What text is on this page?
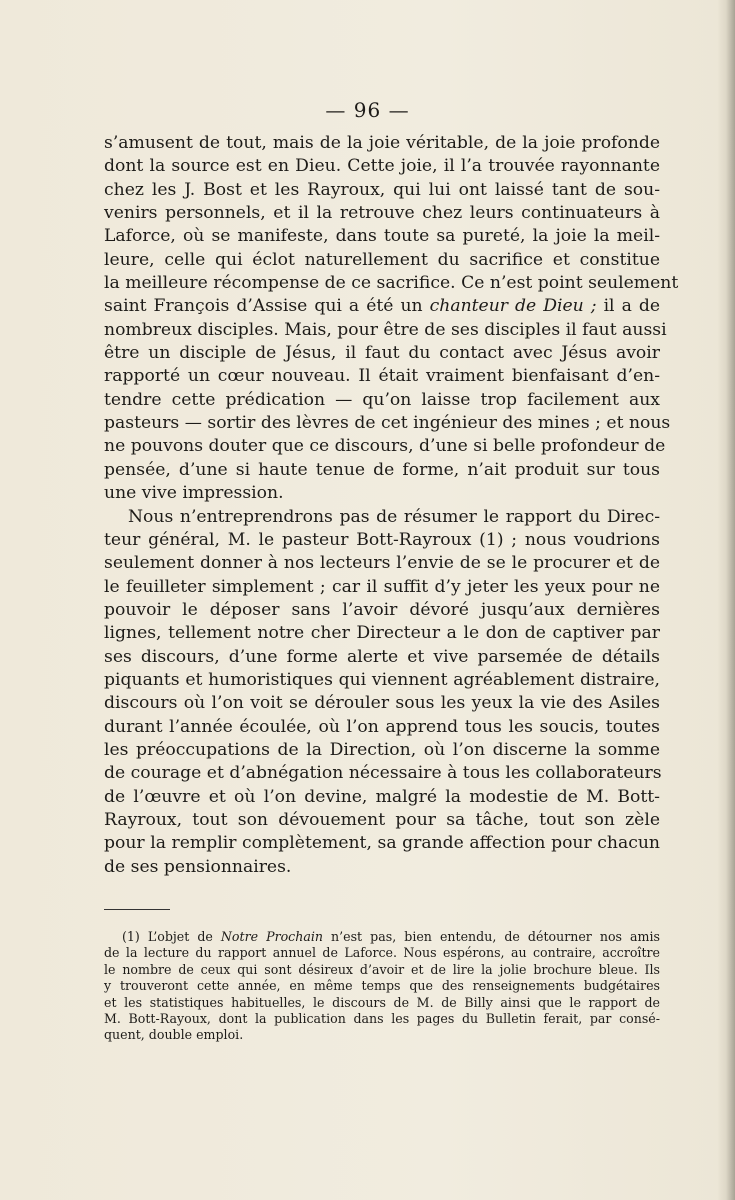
— 96 —
s’amusent de tout, mais de la joie véritable, de la joie profonde
dont la source est en Dieu. Cette joie, il l’a trouvée rayonnante
chez les J. Bost et les Rayroux, qui lui ont laissé tant de sou-
venirs personnels, et il la retrouve chez leurs continuateurs à
Laforce, où se manifeste, dans toute sa pureté, la joie la meil-
leure, celle qui éclot naturellement du sacrifice et constitue
la meilleure récompense de ce sacrifice. Ce n’est point seulement
saint François d’Assise qui a été un chanteur de Dieu ; il a de
nombreux disciples. Mais, pour être de ses disciples il faut aussi
être un disciple de Jésus, il faut du contact avec Jésus avoir
rapporté un cœur nouveau. Il était vraiment bienfaisant d’en-
tendre cette prédication — qu’on laisse trop facilement aux
pasteurs — sortir des lèvres de cet ingénieur des mines ; et nous
ne pouvons douter que ce discours, d’une si belle profondeur de
pensée, d’une si haute tenue de forme, n’ait produit sur tous
une vive impression.
Nous n’entreprendrons pas de résumer le rapport du Direc-
teur général, M. le pasteur Bott-Rayroux (1) ; nous voudrions
seulement donner à nos lecteurs l’envie de se le procurer et de
le feuilleter simplement ; car il suffit d’y jeter les yeux pour ne
pouvoir le déposer sans l’avoir dévoré jusqu’aux dernières
lignes, tellement notre cher Directeur a le don de captiver par
ses discours, d’une forme alerte et vive parsemée de détails
piquants et humoristiques qui viennent agréablement distraire,
discours où l’on voit se dérouler sous les yeux la vie des Asiles
durant l’année écoulée, où l’on apprend tous les soucis, toutes
les préoccupations de la Direction, où l’on discerne la somme
de courage et d’abnégation nécessaire à tous les collaborateurs
de l’œuvre et où l’on devine, malgré la modestie de M. Bott-
Rayroux, tout son dévouement pour sa tâche, tout son zèle
pour la remplir complètement, sa grande affection pour chacun
de ses pensionnaires.
(1) L’objet de Notre Prochain n’est pas, bien entendu, de détourner nos amis
de la lecture du rapport annuel de Laforce. Nous espérons, au contraire, accroître
le nombre de ceux qui sont désireux d’avoir et de lire la jolie brochure bleue. Ils
y trouveront cette année, en même temps que des renseignements budgétaires
et les statistiques habituelles, le discours de M. de Billy ainsi que le rapport de
M. Bott-Rayoux, dont la publication dans les pages du Bulletin ferait, par consé-
quent, double emploi.
